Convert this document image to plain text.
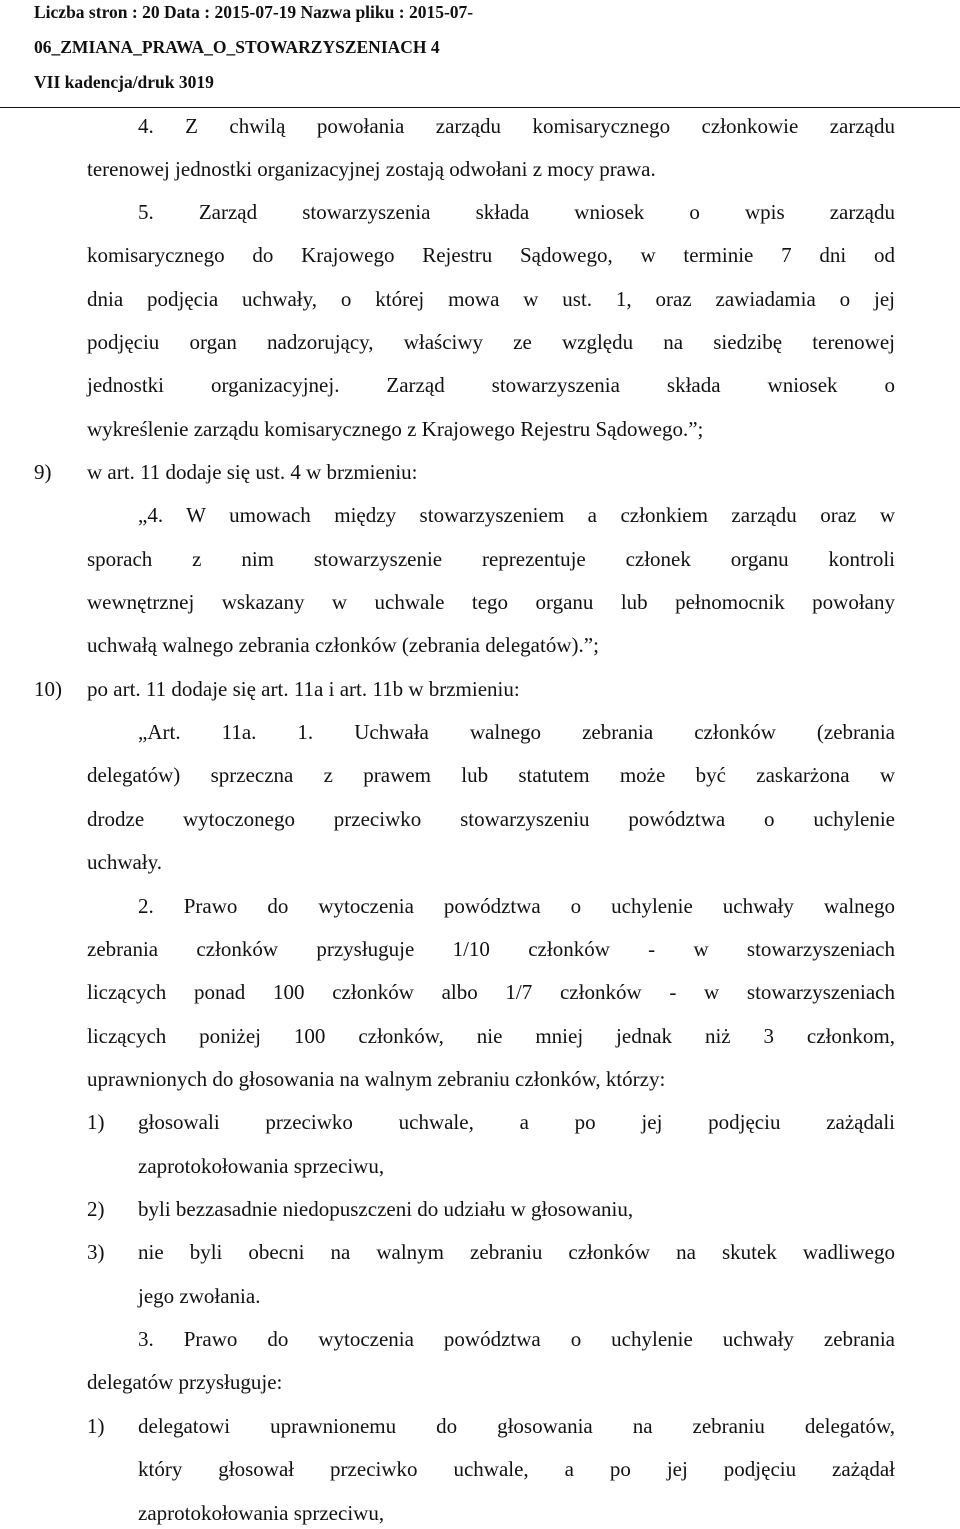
Liczba stron : 20 Data : 2015-07-19 Nazwa pliku : 2015-07-
06_ZMIANA_PRAWA_O_STOWARZYSZENIACH 4
VII kadencja/druk 3019
4. Z chwilą powołania zarządu komisarycznego członkowie zarządu
terenowej jednostki organizacyjnej zostają odwołani z mocy prawa.
5. Zarząd stowarzyszenia składa wniosek o wpis zarządu
komisarycznego do Krajowego Rejestru Sądowego, w terminie 7 dni od
dnia podjęcia uchwały, o której mowa w ust. 1, oraz zawiadamia o jej
podjęciu organ nadzorujący, właściwy ze względu na siedzibę terenowej
jednostki organizacyjnej. Zarząd stowarzyszenia składa wniosek o
wykreślenie zarządu komisarycznego z Krajowego Rejestru Sądowego.”;
9) w art. 11 dodaje się ust. 4 w brzmieniu:
„4. W umowach między stowarzyszeniem a członkiem zarządu oraz w
sporach z nim stowarzyszenie reprezentuje członek organu kontroli
wewnętrznej wskazany w uchwale tego organu lub pełnomocnik powołany
uchwałą walnego zebrania członków (zebrania delegatów).”;
10) po art. 11 dodaje się art. 11a i art. 11b w brzmieniu:
„Art. 11a. 1. Uchwała walnego zebrania członków (zebrania
delegatów) sprzeczna z prawem lub statutem może być zaskarżona w
drodze wytoczonego przeciwko stowarzyszeniu powództwa o uchylenie
uchwały.
2. Prawo do wytoczenia powództwa o uchylenie uchwały walnego
zebrania członków przysługuje 1/10 członków - w stowarzyszeniach
liczących ponad 100 członków albo 1/7 członków - w stowarzyszeniach
liczących poniżej 100 członków, nie mniej jednak niż 3 członkom,
uprawnionych do głosowania na walnym zebraniu członków, którzy:
1) głosowali przeciwko uchwale, a po jej podjęciu zażądali
zaprotokołowania sprzeciwu,
2) byli bezzasadnie niedopuszczeni do udziału w głosowaniu,
3) nie byli obecni na walnym zebraniu członków na skutek wadliwego
jego zwołania.
3. Prawo do wytoczenia powództwa o uchylenie uchwały zebrania
delegatów przysługuje:
1) delegatowi uprawnionemu do głosowania na zebraniu delegatów,
który głosował przeciwko uchwale, a po jej podjęciu zażądał
zaprotokołowania sprzeciwu,
